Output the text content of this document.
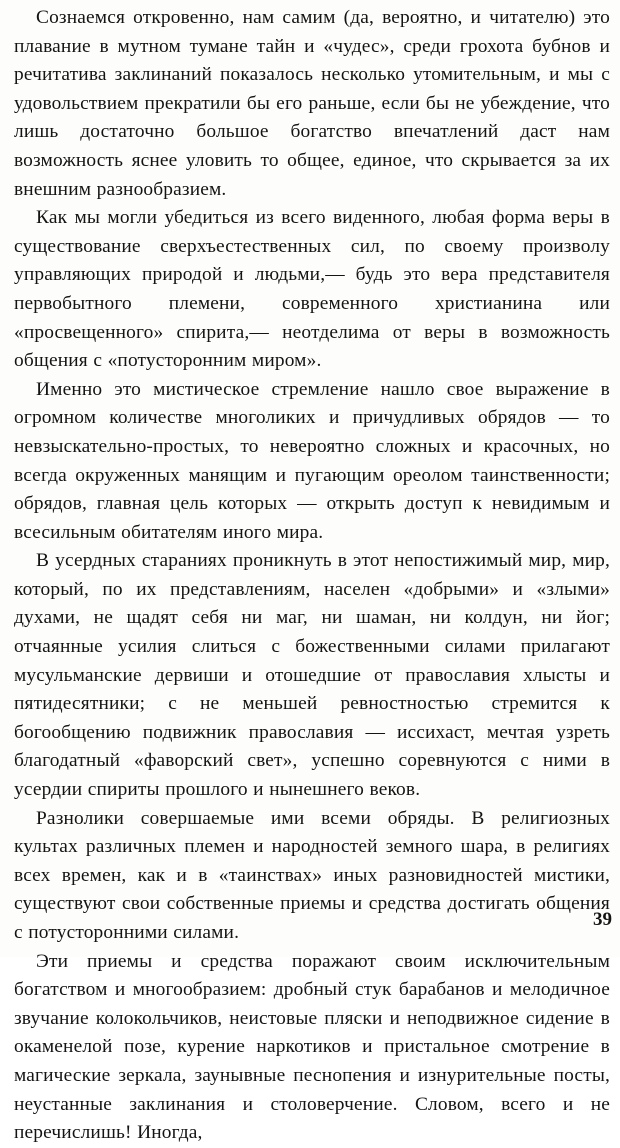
Сознаемся откровенно, нам самим (да, вероятно, и читателю) это плавание в мутном тумане тайн и «чудес», среди грохота бубнов и речитатива заклинаний показалось несколько утомительным, и мы с удовольствием прекратили бы его раньше, если бы не убеждение, что лишь достаточно большое богатство впечатлений даст нам возможность яснее уловить то общее, единое, что скрывается за их внешним разнообразием.

Как мы могли убедиться из всего виденного, любая форма веры в существование сверхъестественных сил, по своему произволу управляющих природой и людьми,— будь это вера представителя первобытного племени, современного христианина или «просвещенного» спирита,— неотделима от веры в возможность общения с «потусторонним миром».

Именно это мистическое стремление нашло свое выражение в огромном количестве многоликих и причудливых обрядов — то невзыскательно-простых, то невероятно сложных и красочных, но всегда окруженных манящим и пугающим ореолом таинственности; обрядов, главная цель которых — открыть доступ к невидимым и всесильным обитателям иного мира.

В усердных стараниях проникнуть в этот непостижимый мир, мир, который, по их представлениям, населен «добрыми» и «злыми» духами, не щадят себя ни маг, ни шаман, ни колдун, ни йог; отчаянные усилия слиться с божественными силами прилагают мусульманские дервиши и отошедшие от православия хлысты и пятидесятники; с не меньшей ревностностью стремится к богообщению подвижник православия — иссихаст, мечтая узреть благодатный «фаворский свет», успешно соревнуются с ними в усердии спириты прошлого и нынешнего веков.

Разнолики совершаемые ими всеми обряды. В религиозных культах различных племен и народностей земного шара, в религиях всех времен, как и в «таинствах» иных разновидностей мистики, существуют свои собственные приемы и средства достигать общения с потусторонними силами.

Эти приемы и средства поражают своим исключительным богатством и многообразием: дробный стук барабанов и мелодичное звучание колокольчиков, неистовые пляски и неподвижное сидение в окаменелой позе, курение наркотиков и пристальное смотрение в магические зеркала, заунывные песнопения и изнурительные посты, неустанные заклинания и столоверчение. Словом, всего и не перечислишь! Иногда,

39
